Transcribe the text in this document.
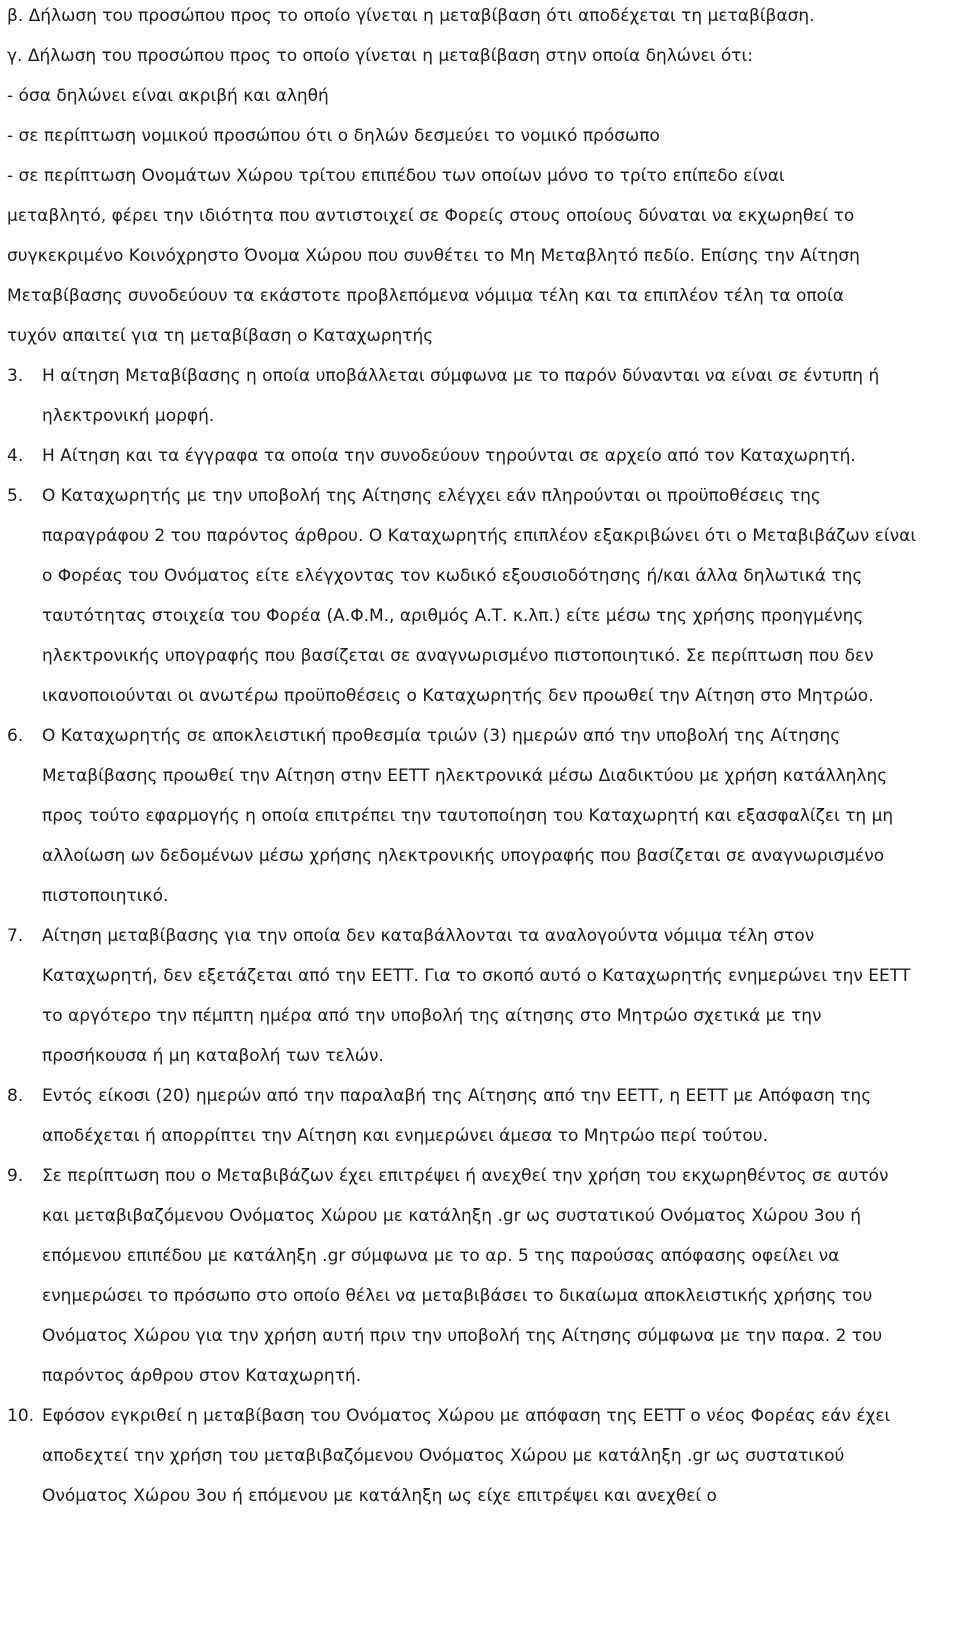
β. Δήλωση του προσώπου προς το οποίο γίνεται η μεταβίβαση ότι αποδέχεται τη μεταβίβαση.
γ. Δήλωση του προσώπου προς το οποίο γίνεται η μεταβίβαση στην οποία δηλώνει ότι:
- όσα δηλώνει είναι ακριβή και αληθή
- σε περίπτωση νομικού προσώπου ότι ο δηλών δεσμεύει το νομικό πρόσωπο
- σε περίπτωση Ονομάτων Χώρου τρίτου επιπέδου των οποίων μόνο το τρίτο επίπεδο είναι
μεταβλητό, φέρει την ιδιότητα που αντιστοιχεί σε Φορείς στους οποίους δύναται να εκχωρηθεί το
συγκεκριμένο Κοινόχρηστο Όνομα Χώρου που συνθέτει το Μη Μεταβλητό πεδίο. Επίσης την Αίτηση
Μεταβίβασης συνοδεύουν τα εκάστοτε προβλεπόμενα νόμιμα τέλη και τα επιπλέον τέλη τα οποία
τυχόν απαιτεί για τη μεταβίβαση ο Καταχωρητής
3. Η αίτηση Μεταβίβασης η οποία υποβάλλεται σύμφωνα με το παρόν δύνανται να είναι σε έντυπη ή
ηλεκτρονική μορφή.
4. Η Αίτηση και τα έγγραφα τα οποία την συνοδεύουν τηρούνται σε αρχείο από τον Καταχωρητή.
5. Ο Καταχωρητής με την υποβολή της Αίτησης ελέγχει εάν πληρούνται οι προϋποθέσεις της
παραγράφου 2 του παρόντος άρθρου. Ο Καταχωρητής επιπλέον εξακριβώνει ότι ο Μεταβιβάζων είναι
ο Φορέας του Ονόματος είτε ελέγχοντας τον κωδικό εξουσιοδότησης ή/και άλλα δηλωτικά της
ταυτότητας στοιχεία του Φορέα (Α.Φ.Μ., αριθμός Α.Τ. κ.λπ.) είτε μέσω της χρήσης προηγμένης
ηλεκτρονικής υπογραφής που βασίζεται σε αναγνωρισμένο πιστοποιητικό. Σε περίπτωση που δεν
ικανοποιούνται οι ανωτέρω προϋποθέσεις ο Καταχωρητής δεν προωθεί την Αίτηση στο Μητρώο.
6. Ο Καταχωρητής σε αποκλειστική προθεσμία τριών (3) ημερών από την υποβολή της Αίτησης
Μεταβίβασης προωθεί την Αίτηση στην ΕΕΤΤ ηλεκτρονικά μέσω Διαδικτύου με χρήση κατάλληλης
προς τούτο εφαρμογής η οποία επιτρέπει την ταυτοποίηση του Καταχωρητή και εξασφαλίζει τη μη
αλλοίωση ων δεδομένων μέσω χρήσης ηλεκτρονικής υπογραφής που βασίζεται σε αναγνωρισμένο
πιστοποιητικό.
7. Αίτηση μεταβίβασης για την οποία δεν καταβάλλονται τα αναλογούντα νόμιμα τέλη στον
Καταχωρητή, δεν εξετάζεται από την ΕΕΤΤ. Για το σκοπό αυτό ο Καταχωρητής ενημερώνει την ΕΕΤΤ
το αργότερο την πέμπτη ημέρα από την υποβολή της αίτησης στο Μητρώο σχετικά με την
προσήκουσα ή μη καταβολή των τελών.
8. Εντός είκοσι (20) ημερών από την παραλαβή της Αίτησης από την ΕΕΤΤ, η ΕΕΤΤ με Απόφαση της
αποδέχεται ή απορρίπτει την Αίτηση και ενημερώνει άμεσα το Μητρώο περί τούτου.
9. Σε περίπτωση που ο Μεταβιβάζων έχει επιτρέψει ή ανεχθεί την χρήση του εκχωρηθέντος σε αυτόν
και μεταβιβαζόμενου Ονόματος Χώρου με κατάληξη .gr ως συστατικού Ονόματος Χώρου 3ου ή
επόμενου επιπέδου με κατάληξη .gr σύμφωνα με το αρ. 5 της παρούσας απόφασης οφείλει να
ενημερώσει το πρόσωπο στο οποίο θέλει να μεταβιβάσει το δικαίωμα αποκλειστικής χρήσης του
Ονόματος Χώρου για την χρήση αυτή πριν την υποβολή της Αίτησης σύμφωνα με την παρα. 2 του
παρόντος άρθρου στον Καταχωρητή.
10. Εφόσον εγκριθεί η μεταβίβαση του Ονόματος Χώρου με απόφαση της ΕΕΤΤ ο νέος Φορέας εάν έχει
αποδεχτεί την χρήση του μεταβιβαζόμενου Ονόματος Χώρου με κατάληξη .gr ως συστατικού
Ονόματος Χώρου 3ου ή επόμενου με κατάληξη ως είχε επιτρέψει και ανεχθεί ο
